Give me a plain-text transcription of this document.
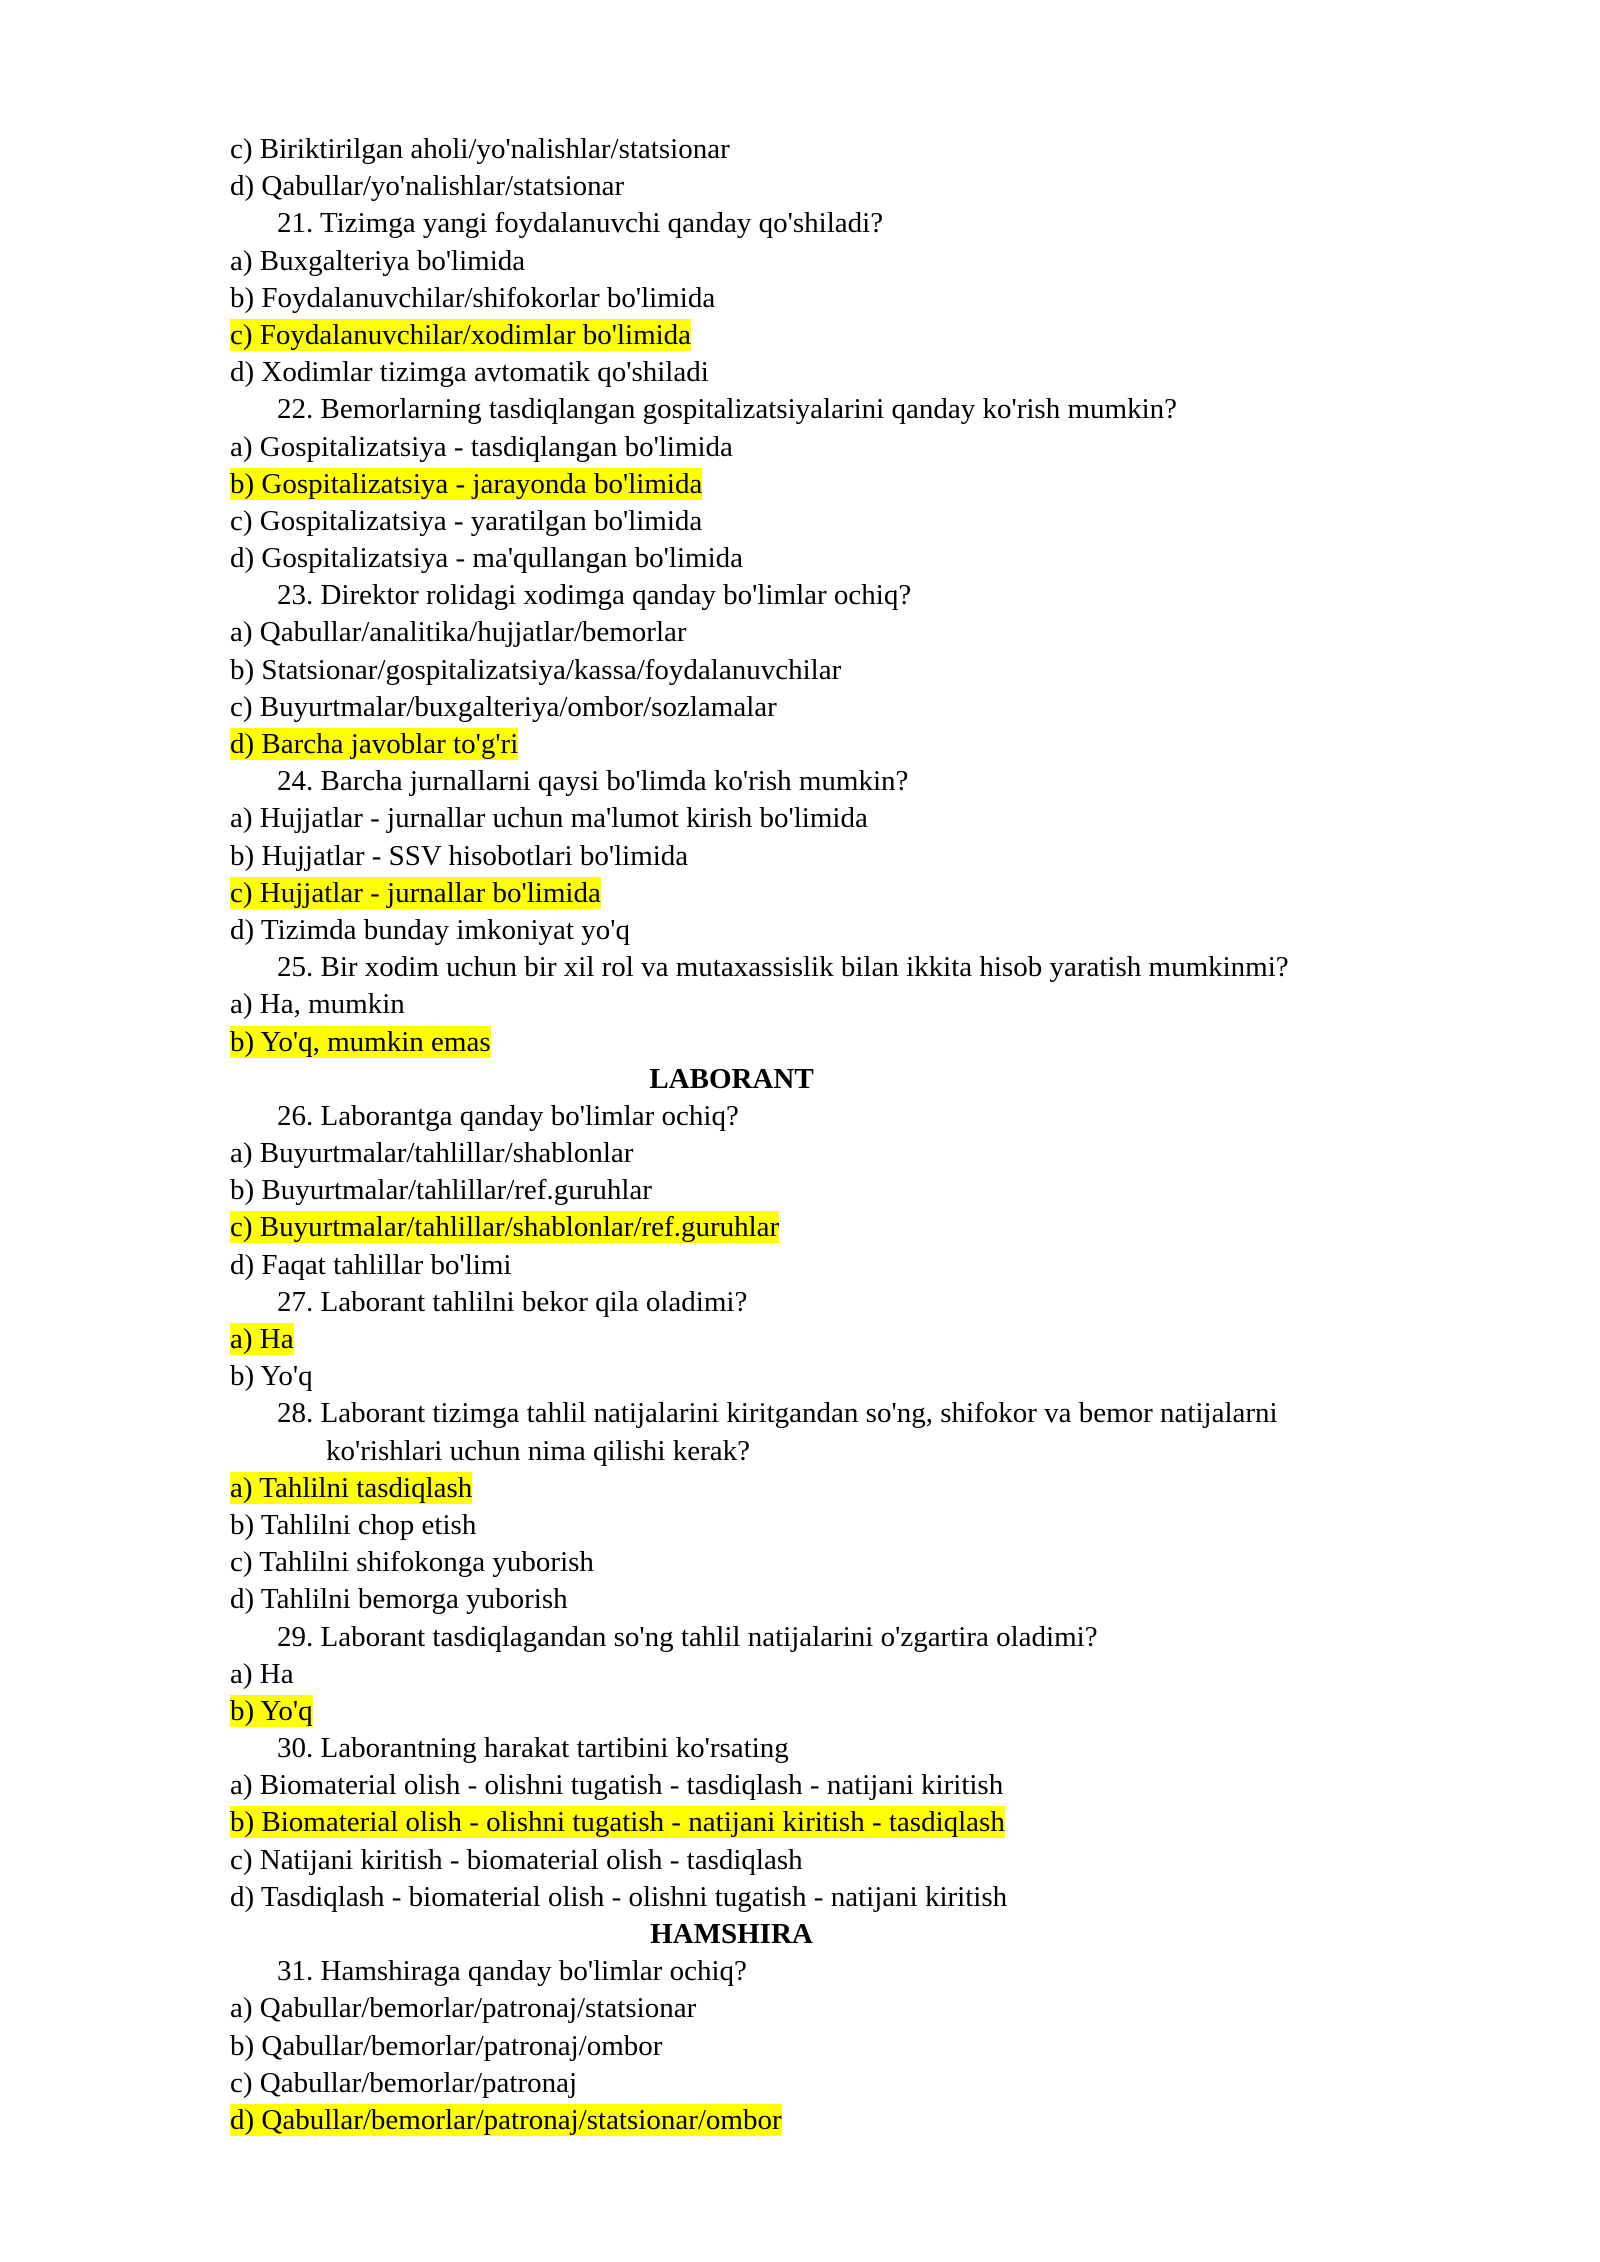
c) Biriktirilgan aholi/yo'nalishlar/statsionar
d) Qabullar/yo'nalishlar/statsionar
21. Tizimga yangi foydalanuvchi qanday qo'shiladi?
a) Buxgalteriya bo'limida
b) Foydalanuvchilar/shifokorlar bo'limida
c) Foydalanuvchilar/xodimlar bo'limida
d) Xodimlar tizimga avtomatik qo'shiladi
22. Bemorlarning tasdiqlangan gospitalizatsiyalarini qanday ko'rish mumkin?
a) Gospitalizatsiya - tasdiqlangan bo'limida
b) Gospitalizatsiya - jarayonda bo'limida
c) Gospitalizatsiya - yaratilgan bo'limida
d) Gospitalizatsiya - ma'qullangan bo'limida
23. Direktor rolidagi xodimga qanday bo'limlar ochiq?
a) Qabullar/analitika/hujjatlar/bemorlar
b) Statsionar/gospitalizatsiya/kassa/foydalanuvchilar
c) Buyurtmalar/buxgalteriya/ombor/sozlamalar
d) Barcha javoblar to'g'ri
24. Barcha jurnallarni qaysi bo'limda ko'rish mumkin?
a) Hujjatlar - jurnallar uchun ma'lumot kirish bo'limida
b) Hujjatlar - SSV hisobotlari bo'limida
c) Hujjatlar - jurnallar bo'limida
d) Tizimda bunday imkoniyat yo'q
25. Bir xodim uchun bir xil rol va mutaxassislik bilan ikkita hisob yaratish mumkinmi?
a) Ha, mumkin
b) Yo'q, mumkin emas
LABORANT
26. Laborantga qanday bo'limlar ochiq?
a) Buyurtmalar/tahlillar/shablonlar
b) Buyurtmalar/tahlillar/ref.guruhlar
c) Buyurtmalar/tahlillar/shablonlar/ref.guruhlar
d) Faqat tahlillar bo'limi
27. Laborant tahlilni bekor qila oladimi?
a) Ha
b) Yo'q
28. Laborant tizimga tahlil natijalarini kiritgandan so'ng, shifokor va bemor natijalarni
ko'rishlari uchun nima qilishi kerak?
a) Tahlilni tasdiqlash
b) Tahlilni chop etish
c) Tahlilni shifokonga yuborish
d) Tahlilni bemorga yuborish
29. Laborant tasdiqlagandan so'ng tahlil natijalarini o'zgartira oladimi?
a) Ha
b) Yo'q
30. Laborantning harakat tartibini ko'rsating
a) Biomaterial olish - olishni tugatish - tasdiqlash - natijani kiritish
b) Biomaterial olish - olishni tugatish - natijani kiritish - tasdiqlash
c) Natijani kiritish - biomaterial olish - tasdiqlash
d) Tasdiqlash - biomaterial olish - olishni tugatish - natijani kiritish
HAMSHIRA
31. Hamshiraga qanday bo'limlar ochiq?
a) Qabullar/bemorlar/patronaj/statsionar
b) Qabullar/bemorlar/patronaj/ombor
c) Qabullar/bemorlar/patronaj
d) Qabullar/bemorlar/patronaj/statsionar/ombor
